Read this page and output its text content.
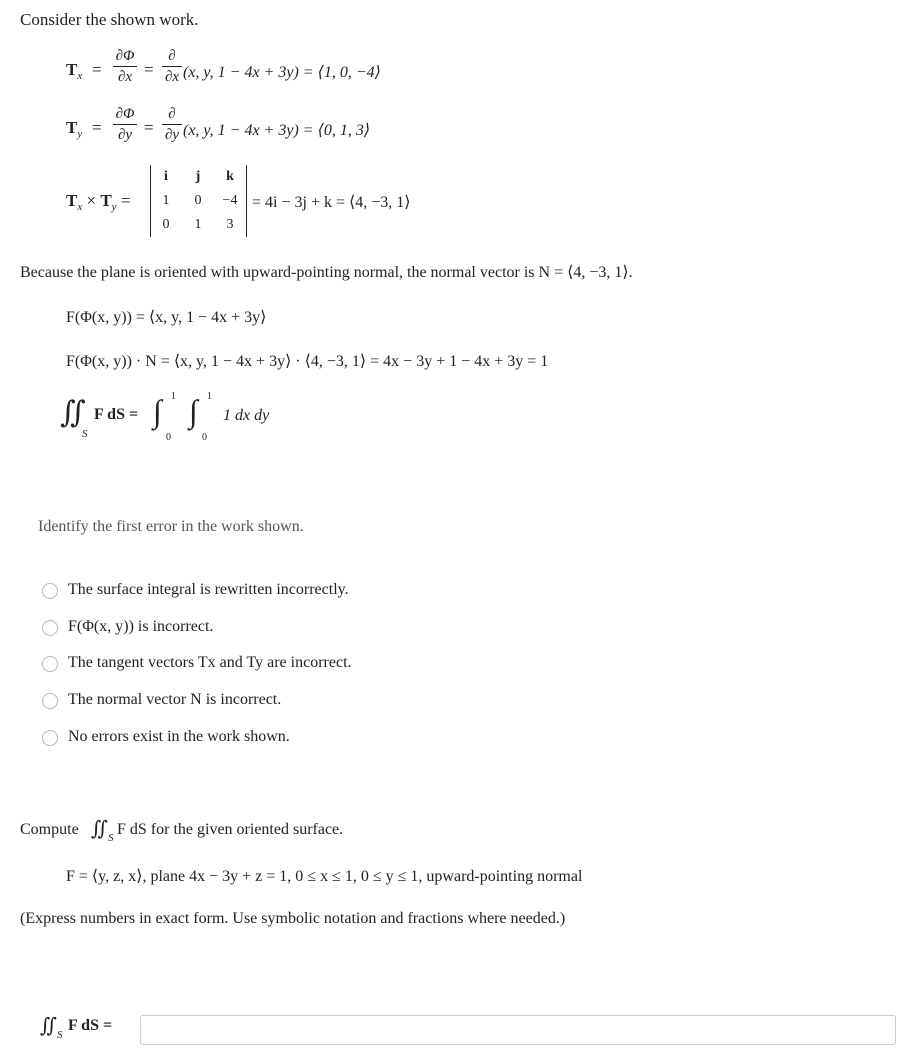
Consider the shown work.
$T_x$ =
∂Φ
∂x =
∂
∂x (x, y, 1 − 4x + 3y) = ⟨1, 0, −4⟩
$T_y$ =
∂Φ
∂y =
∂
∂y (x, y, 1 − 4x + 3y) = ⟨0, 1, 3⟩
$T_x \times T_y$ =
i	j	k
1	0	−4
0	1	3
= 4i − 3j + k = ⟨4, −3, 1⟩
Because the plane is oriented with upward-pointing normal, the normal vector is N = ⟨4, −3, 1⟩.
F(Φ(x, y)) = ⟨x, y, 1 − 4x + 3y⟩
F(Φ(x, y)) · N = ⟨x, y, 1 − 4x + 3y⟩ · ⟨4, −3, 1⟩ = 4x − 3y + 1 − 4x + 3y = 1
∬
S
F dS = ∫ 1
0
∫ 1
0
1 dx dy
Identify the first error in the work shown.
The surface integral is rewritten incorrectly.
F(Φ(x, y)) is incorrect.
The tangent vectors Tx and Ty are incorrect.
The normal vector N is incorrect.
No errors exist in the work shown.
Compute ∬ S F dS for the given oriented surface.
F = ⟨y, z, x⟩, plane 4x − 3y + z = 1, 0 ≤ x ≤ 1, 0 ≤ y ≤ 1, upward-pointing normal
(Express numbers in exact form. Use symbolic notation and fractions where needed.)
∬ S
F dS =
